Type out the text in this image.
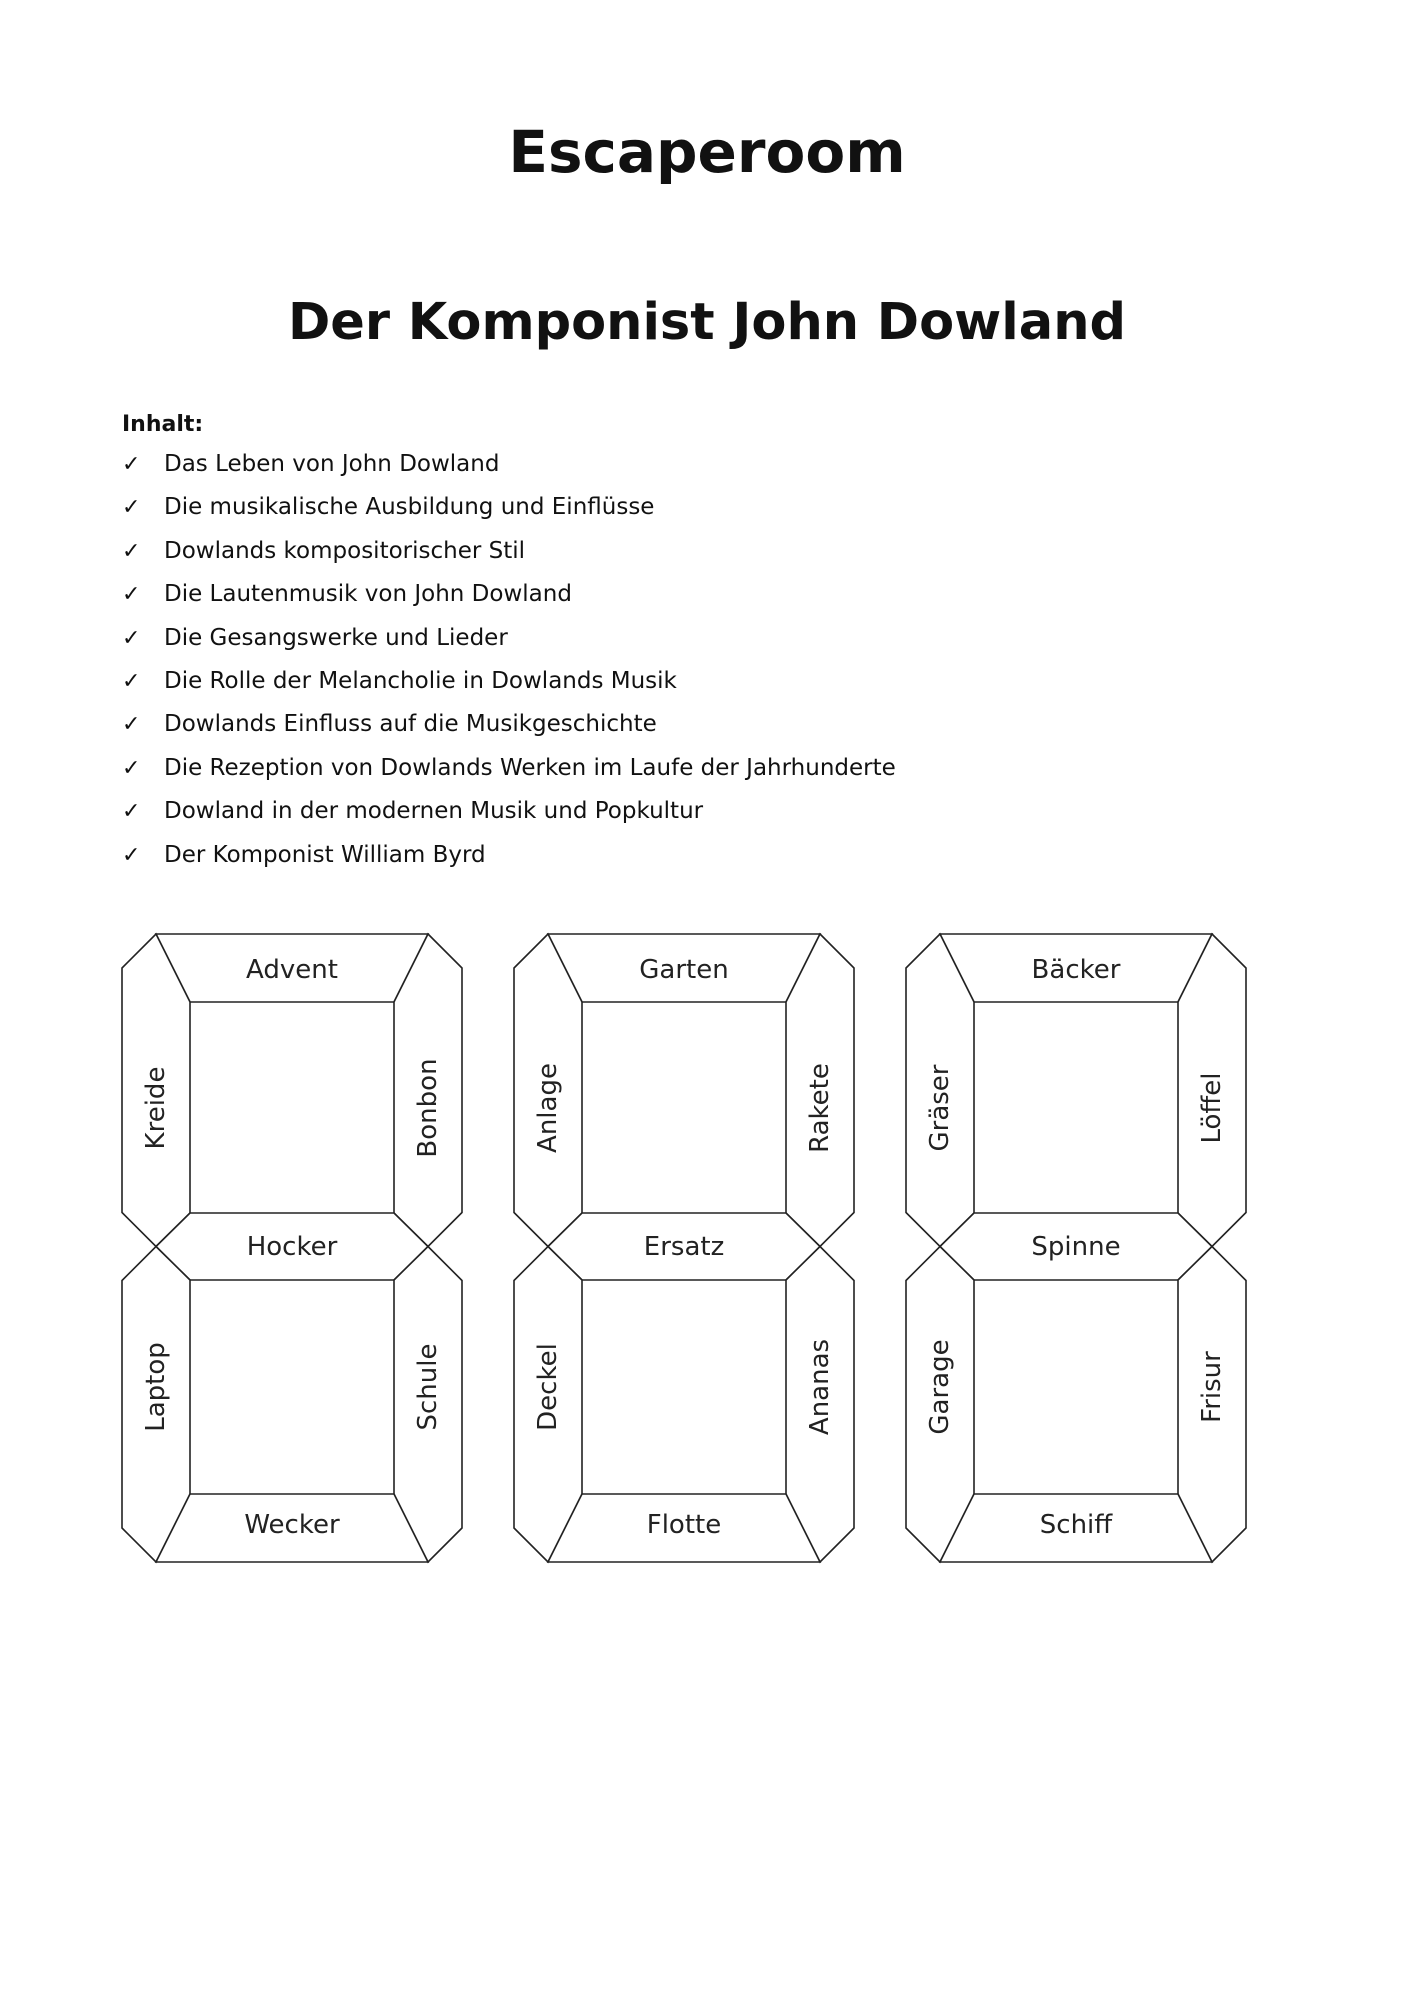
Escaperoom
Der Komponist John Dowland
Inhalt:
✓ Das Leben von John Dowland
✓ Die musikalische Ausbildung und Einflüsse
✓ Dowlands kompositorischer Stil
✓ Die Lautenmusik von John Dowland
✓ Die Gesangswerke und Lieder
✓ Die Rolle der Melancholie in Dowlands Musik
✓ Dowlands Einfluss auf die Musikgeschichte
✓ Die Rezeption von Dowlands Werken im Laufe der Jahrhunderte
✓ Dowland in der modernen Musik und Popkultur
✓ Der Komponist William Byrd
Advent
Kreide	Bonbon
Hocker
Laptop	Schule
Wecker
Garten
Anlage	Rakete
Ersatz
Deckel	Ananas
Flotte
Bäcker
Gräser	Löffel
Spinne
Garage	Frisur
Schiff
